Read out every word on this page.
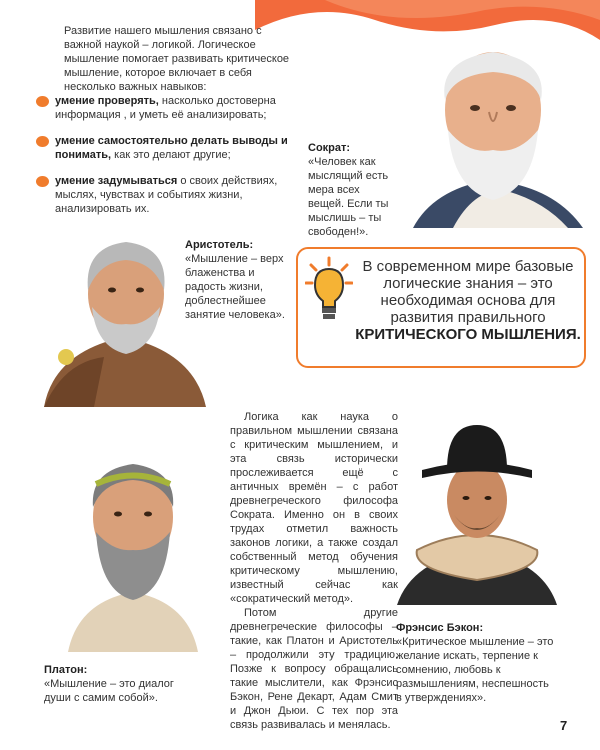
Развитие нашего мышления связано с важной наукой – логикой. Логическое мышление помогает развивать критическое мышление, которое включает в себя несколько важных навыков:
умение проверять, насколько достоверна информация , и уметь её анализировать;
умение самостоятельно делать выводы и понимать, как это делают другие;
умение задумываться о своих действиях, мыслях, чувствах и событиях жизни, анализировать их.
Сократ:
«Человек как мыслящий есть мера всех вещей. Если ты мыслишь – ты свободен!».
Аристотель:
«Мышление – верх блаженства и радость жизни, доблестнейшее занятие человека».
В современном мире базовые логические знания – это необходимая основа для развития правильного
КРИТИЧЕСКОГО МЫШЛЕНИЯ.

Логика как наука о правильном мышлении связана с критическим мышлением, и эта связь исторически прослеживается ещё с античных времён – с работ древнегреческого философа Сократа. Именно он в своих трудах отметил важность законов логики, а также создал собственный метод обучения критическому мышлению, известный сейчас как «сократический метод».

Потом другие древнегреческие философы – такие, как Платон и Аристотель – продолжили эту традицию. Позже к вопросу обращались такие мыслители, как Фрэнсис Бэкон, Рене Декарт, Адам Смит и Джон Дьюи. С тех пор эта связь развивалась и менялась.

Платон:
«Мышление – это диалог души с самим собой».
Фрэнсис Бэкон:
«Критическое мышление – это желание искать, терпение к сомнению, любовь к размышлениям, неспешность в утверждениях».
7
